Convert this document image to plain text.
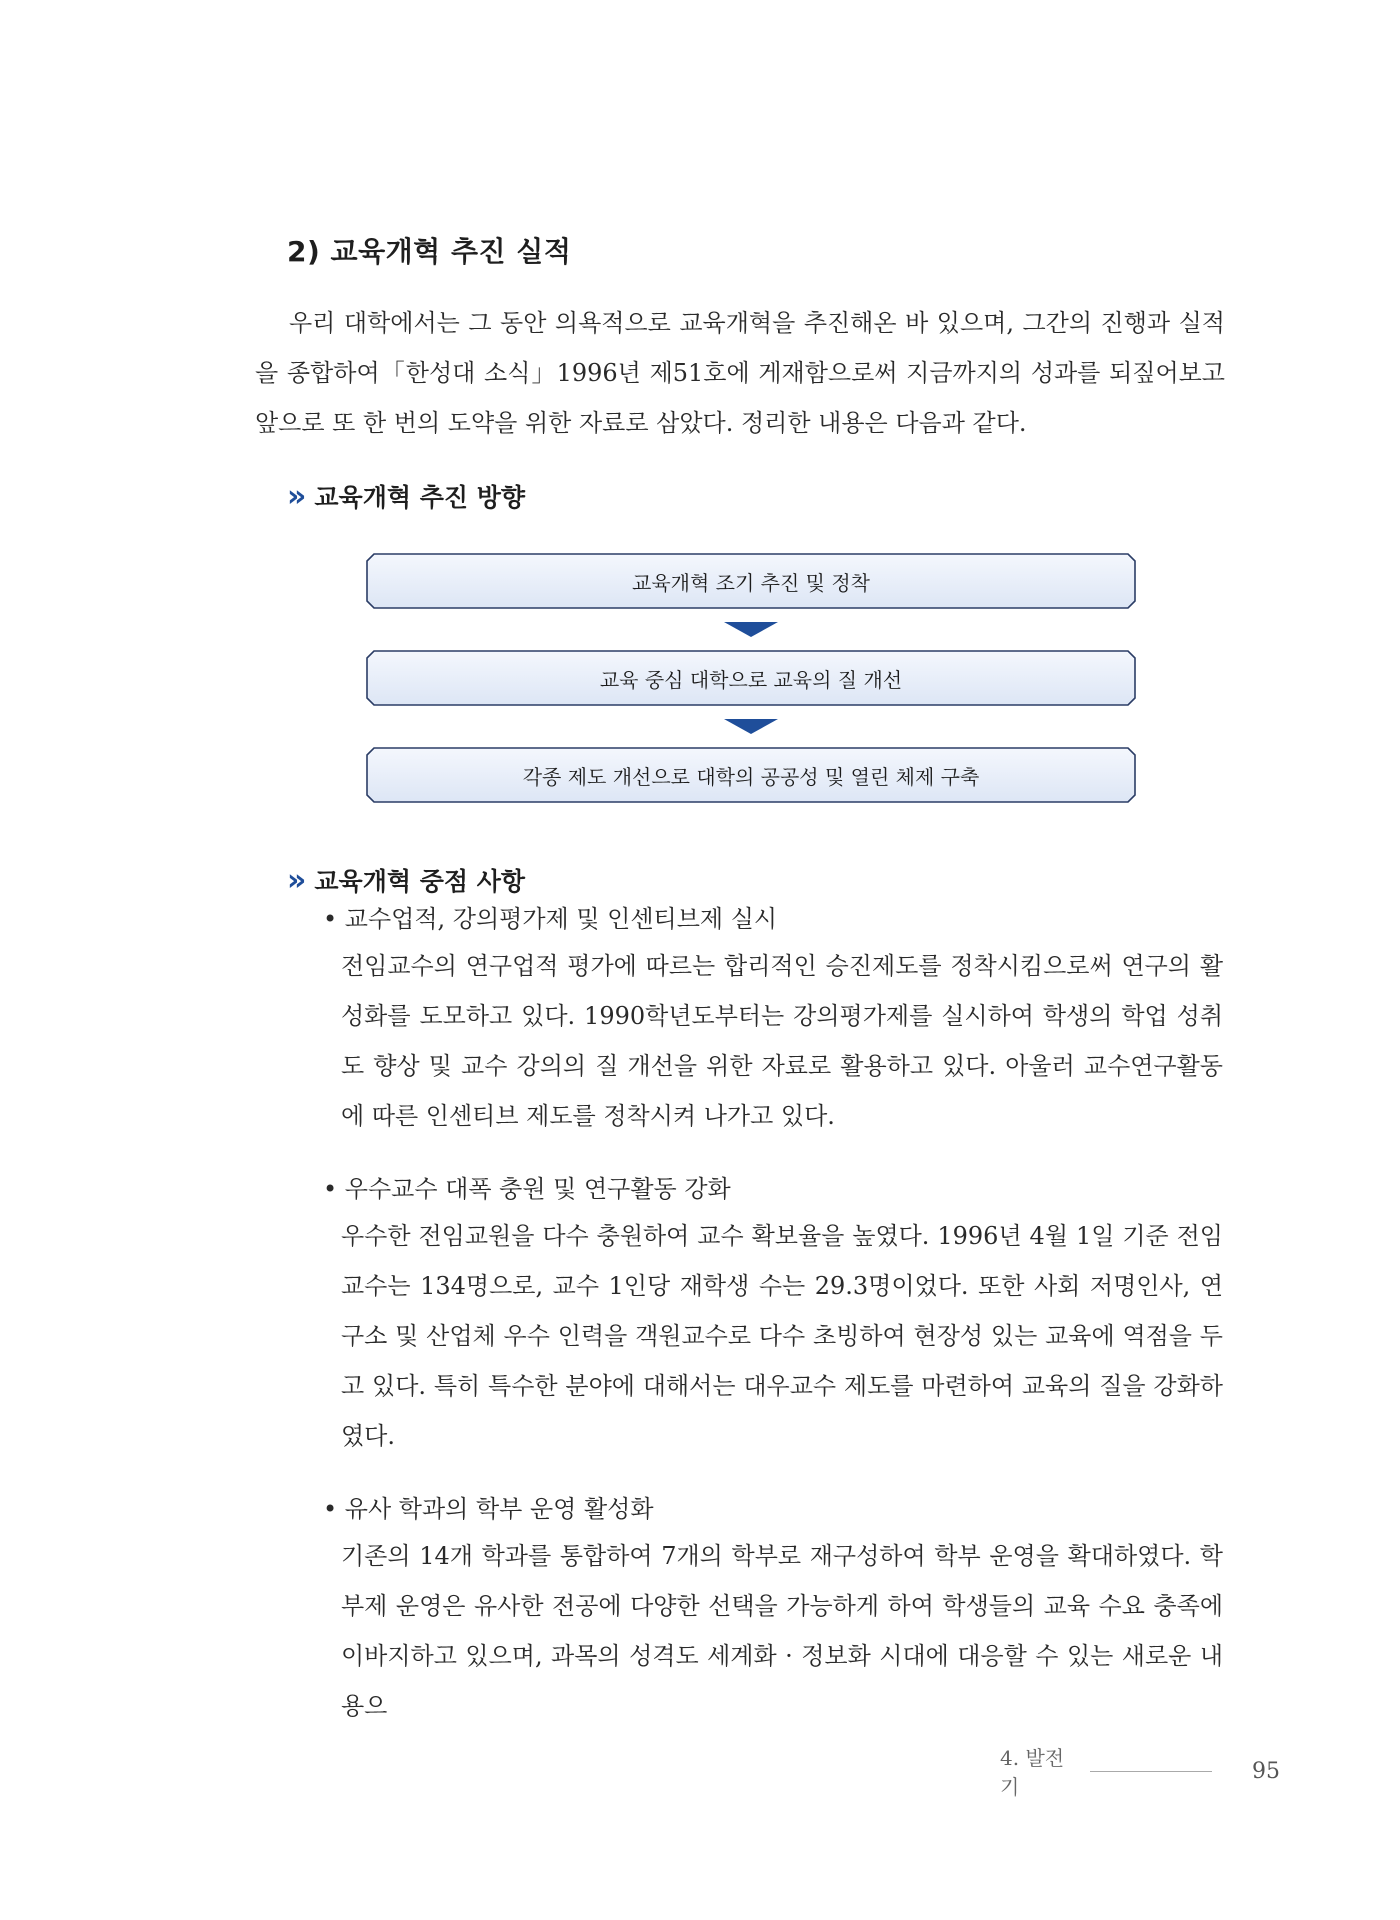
2) 교육개혁 추진 실적

우리 대학에서는 그 동안 의욕적으로 교육개혁을 추진해온 바 있으며, 그간의 진행과 실적을 종합하여「한성대 소식」1996년 제51호에 게재함으로써 지금까지의 성과를 되짚어보고 앞으로 또 한 번의 도약을 위한 자료로 삼았다. 정리한 내용은 다음과 같다.

» 교육개혁 추진 방향
교육개혁 조기 추진 및 정착
교육 중심 대학으로 교육의 질 개선
각종 제도 개선으로 대학의 공공성 및 열린 체제 구축
» 교육개혁 중점 사항
• 교수업적, 강의평가제 및 인센티브제 실시
전임교수의 연구업적 평가에 따르는 합리적인 승진제도를 정착시킴으로써 연구의 활성화를 도모하고 있다. 1990학년도부터는 강의평가제를 실시하여 학생의 학업 성취도 향상 및 교수 강의의 질 개선을 위한 자료로 활용하고 있다. 아울러 교수연구활동에 따른 인센티브 제도를 정착시켜 나가고 있다.
• 우수교수 대폭 충원 및 연구활동 강화
우수한 전임교원을 다수 충원하여 교수 확보율을 높였다. 1996년 4월 1일 기준 전임교수는 134명으로, 교수 1인당 재학생 수는 29.3명이었다. 또한 사회 저명인사, 연구소 및 산업체 우수 인력을 객원교수로 다수 초빙하여 현장성 있는 교육에 역점을 두고 있다. 특히 특수한 분야에 대해서는 대우교수 제도를 마련하여 교육의 질을 강화하였다.
• 유사 학과의 학부 운영 활성화
기존의 14개 학과를 통합하여 7개의 학부로 재구성하여 학부 운영을 확대하였다. 학부제 운영은 유사한 전공에 다양한 선택을 가능하게 하여 학생들의 교육 수요 충족에 이바지하고 있으며, 과목의 성격도 세계화 · 정보화 시대에 대응할 수 있는 새로운 내용으
4. 발전기
95
